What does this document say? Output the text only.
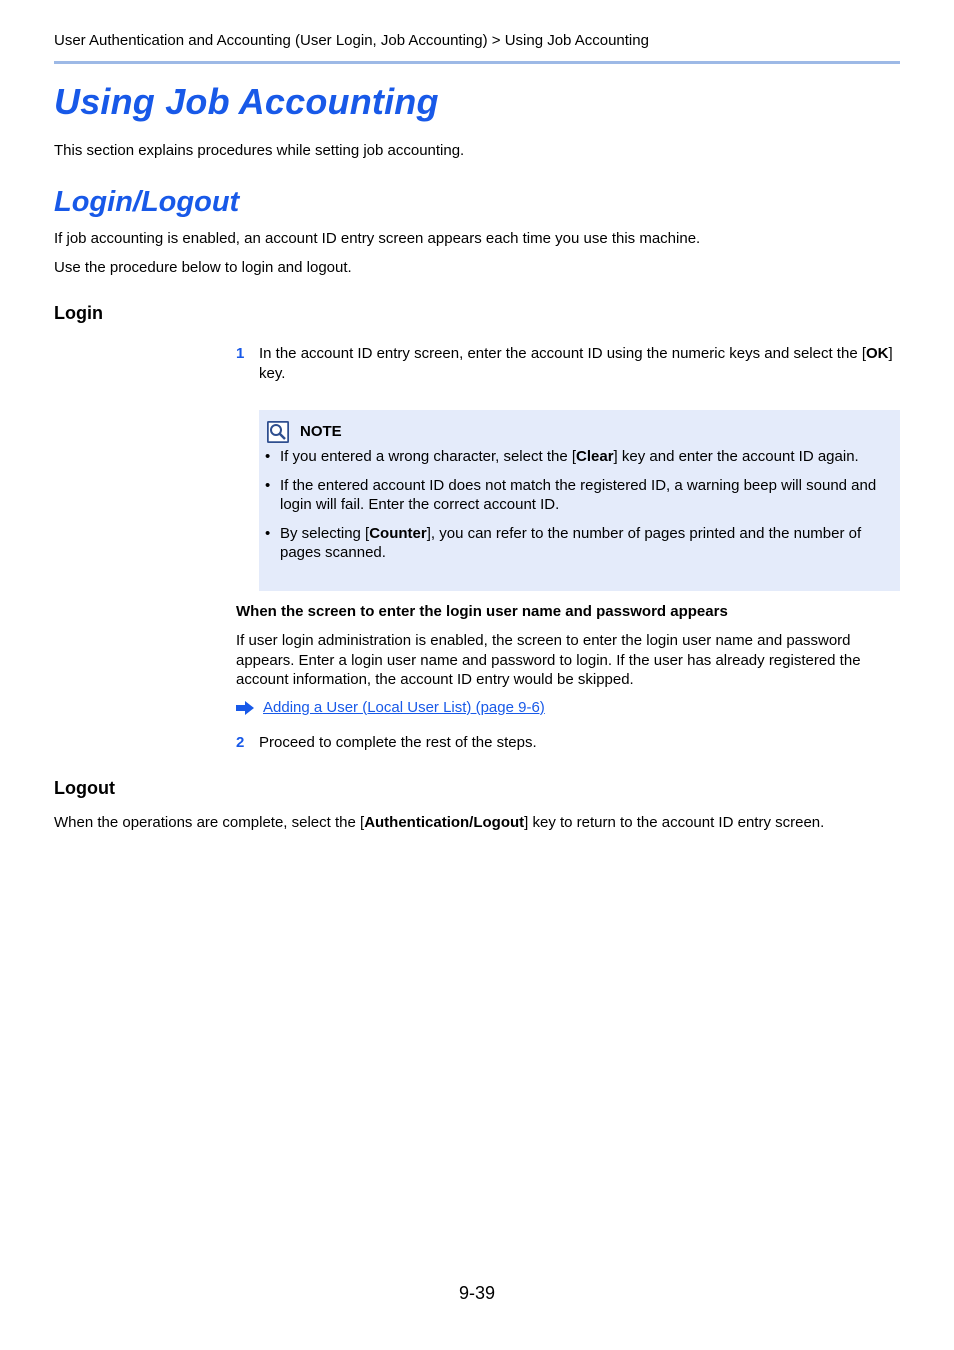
User Authentication and Accounting (User Login, Job Accounting) > Using Job Accounting
Using Job Accounting

This section explains procedures while setting job accounting.

Login/Logout

If job accounting is enabled, an account ID entry screen appears each time you use this machine.

Use the procedure below to login and logout.

Login
1 In the account ID entry screen, enter the account ID using the numeric keys and select the [OK] key.

NOTE
• If you entered a wrong character, select the [Clear] key and enter the account ID again.
• If the entered account ID does not match the registered ID, a warning beep will sound and login will fail. Enter the correct account ID.
• By selecting [Counter], you can refer to the number of pages printed and the number of pages scanned.

When the screen to enter the login user name and password appears

If user login administration is enabled, the screen to enter the login user name and password appears. Enter a login user name and password to login. If the user has already registered the account information, the account ID entry would be skipped.

Adding a User (Local User List) (page 9-6)
2 Proceed to complete the rest of the steps.

Logout

When the operations are complete, select the [Authentication/Logout] key to return to the account ID entry screen.

9-39
